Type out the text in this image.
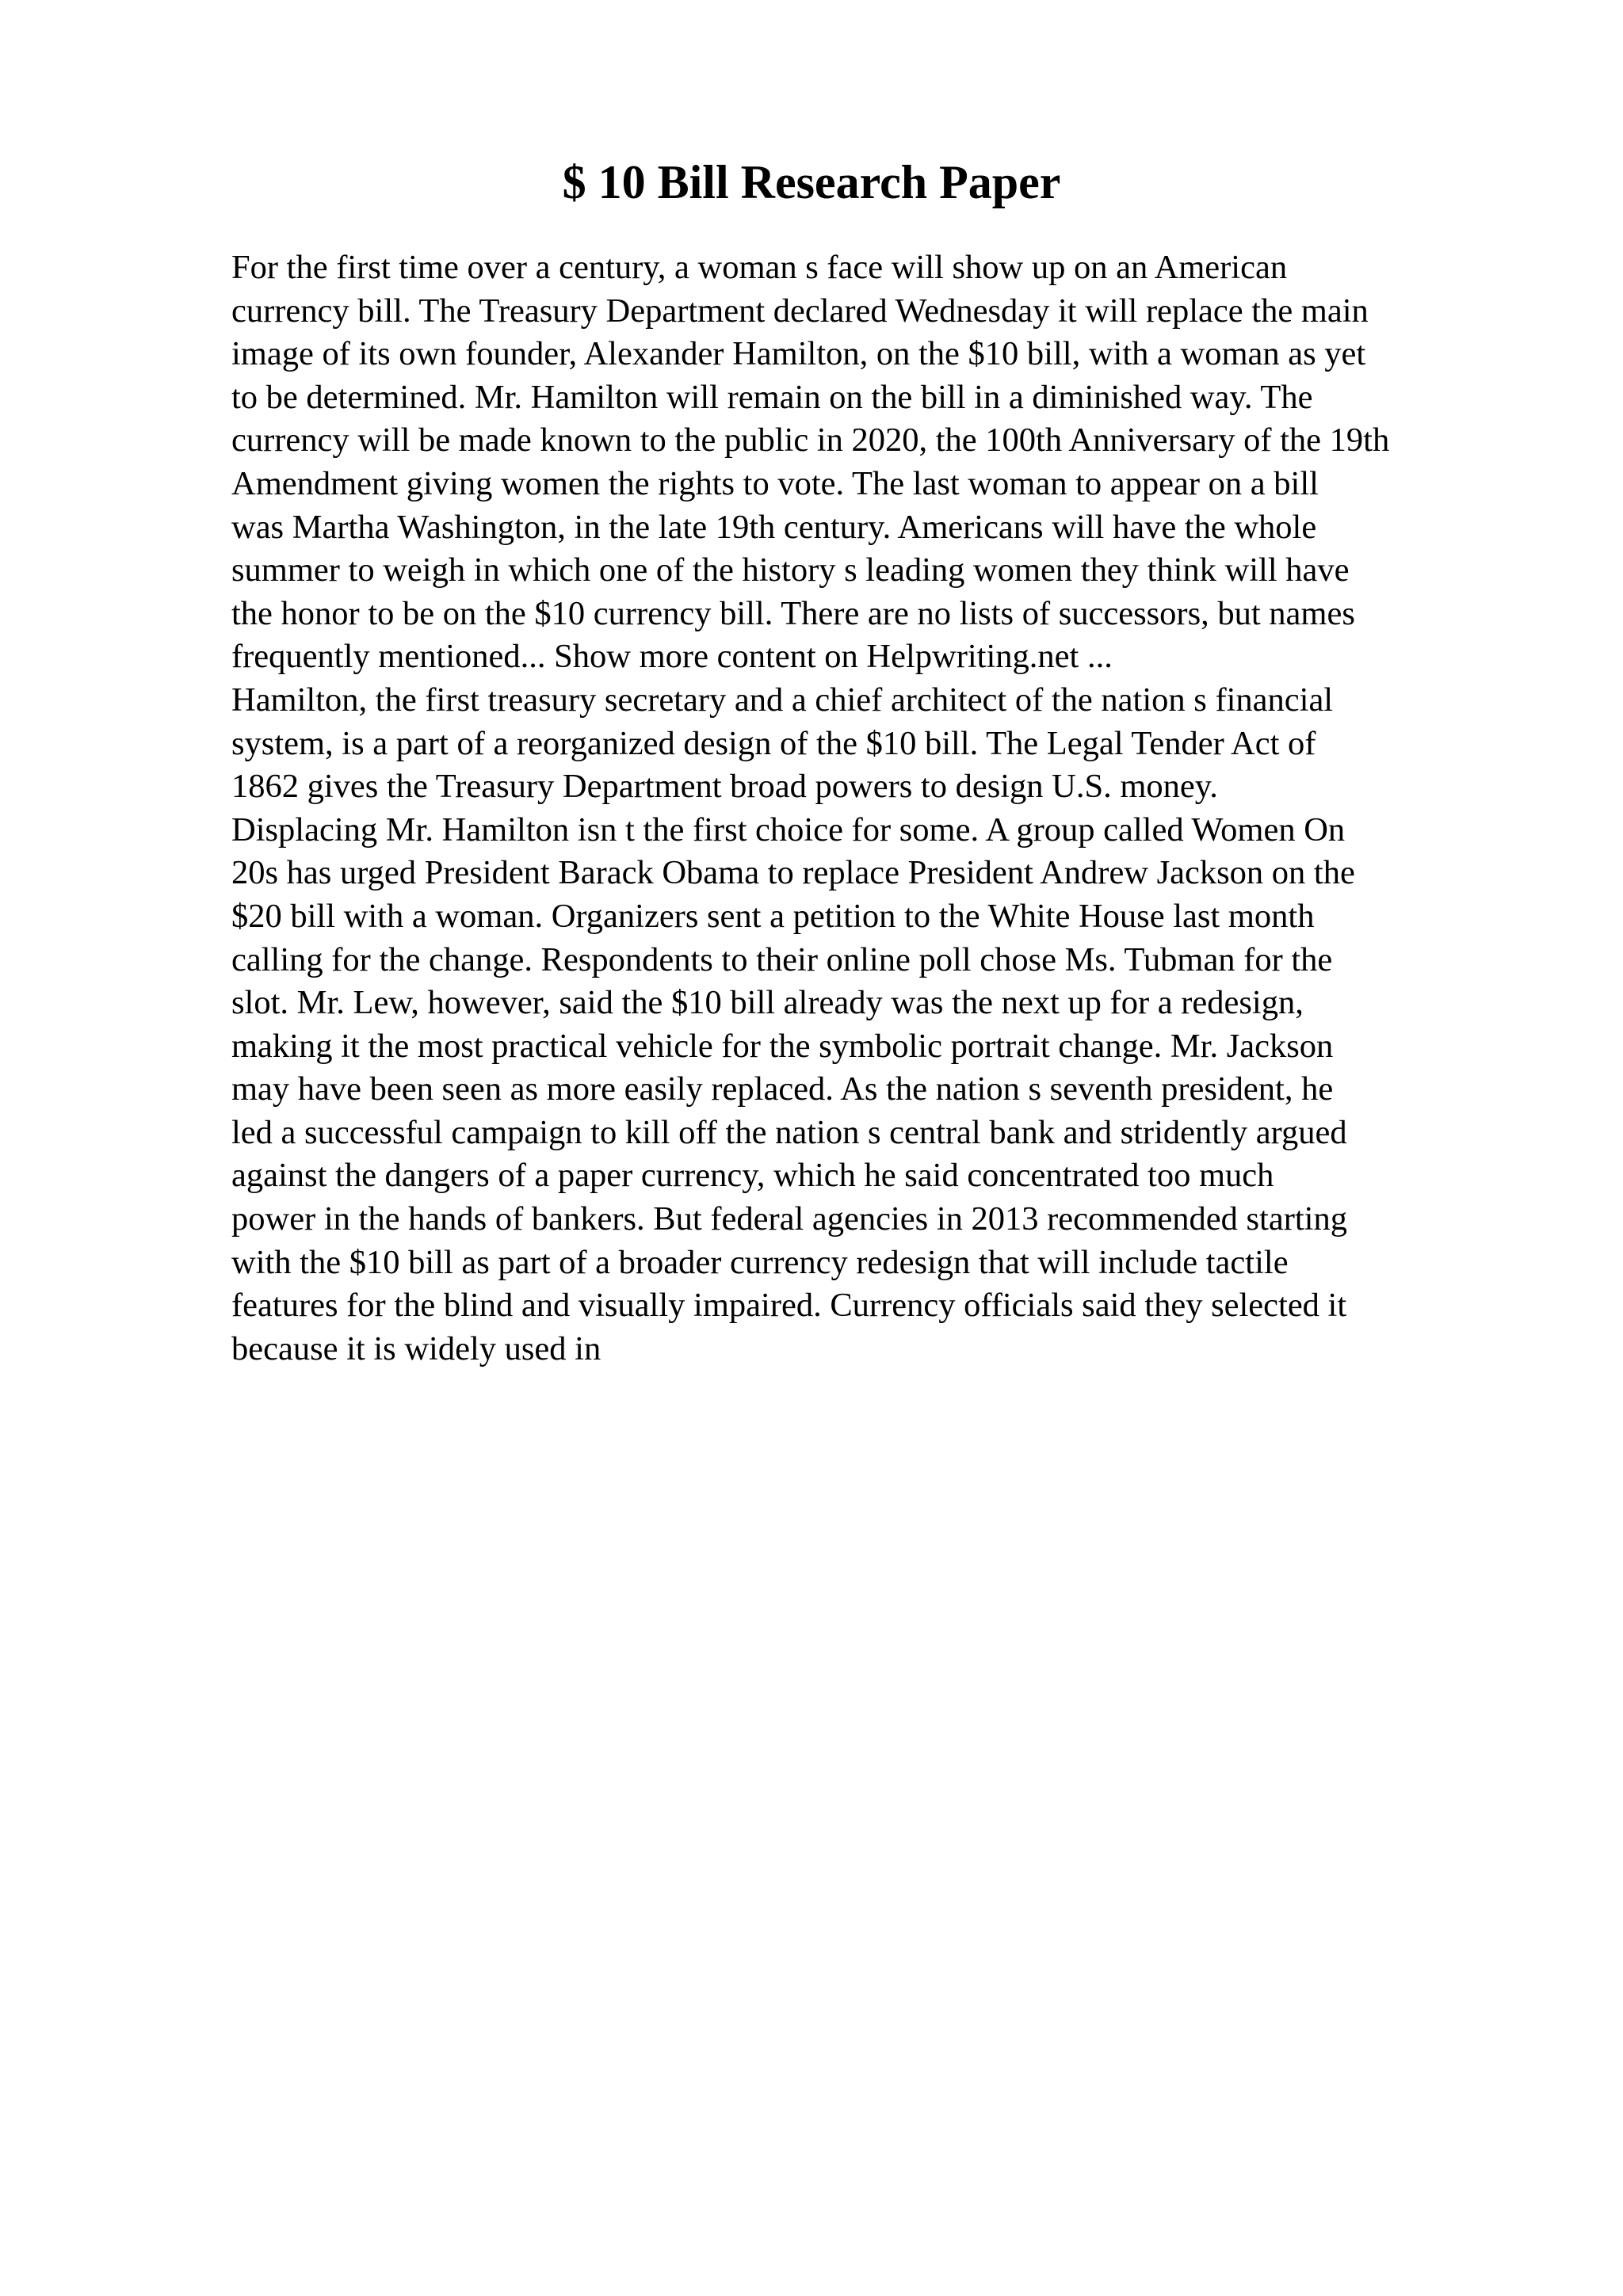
$ 10 Bill Research Paper
For the first time over a century, a woman s face will show up on an American
currency bill. The Treasury Department declared Wednesday it will replace the main
image of its own founder, Alexander Hamilton, on the $10 bill, with a woman as yet
to be determined. Mr. Hamilton will remain on the bill in a diminished way. The
currency will be made known to the public in 2020, the 100th Anniversary of the 19th
Amendment giving women the rights to vote. The last woman to appear on a bill
was Martha Washington, in the late 19th century. Americans will have the whole
summer to weigh in which one of the history s leading women they think will have
the honor to be on the $10 currency bill. There are no lists of successors, but names
frequently mentioned... Show more content on Helpwriting.net ...
Hamilton, the first treasury secretary and a chief architect of the nation s financial
system, is a part of a reorganized design of the $10 bill. The Legal Tender Act of
1862 gives the Treasury Department broad powers to design U.S. money.
Displacing Mr. Hamilton isn t the first choice for some. A group called Women On
20s has urged President Barack Obama to replace President Andrew Jackson on the
$20 bill with a woman. Organizers sent a petition to the White House last month
calling for the change. Respondents to their online poll chose Ms. Tubman for the
slot. Mr. Lew, however, said the $10 bill already was the next up for a redesign,
making it the most practical vehicle for the symbolic portrait change. Mr. Jackson
may have been seen as more easily replaced. As the nation s seventh president, he
led a successful campaign to kill off the nation s central bank and stridently argued
against the dangers of a paper currency, which he said concentrated too much
power in the hands of bankers. But federal agencies in 2013 recommended starting
with the $10 bill as part of a broader currency redesign that will include tactile
features for the blind and visually impaired. Currency officials said they selected it
because it is widely used in
